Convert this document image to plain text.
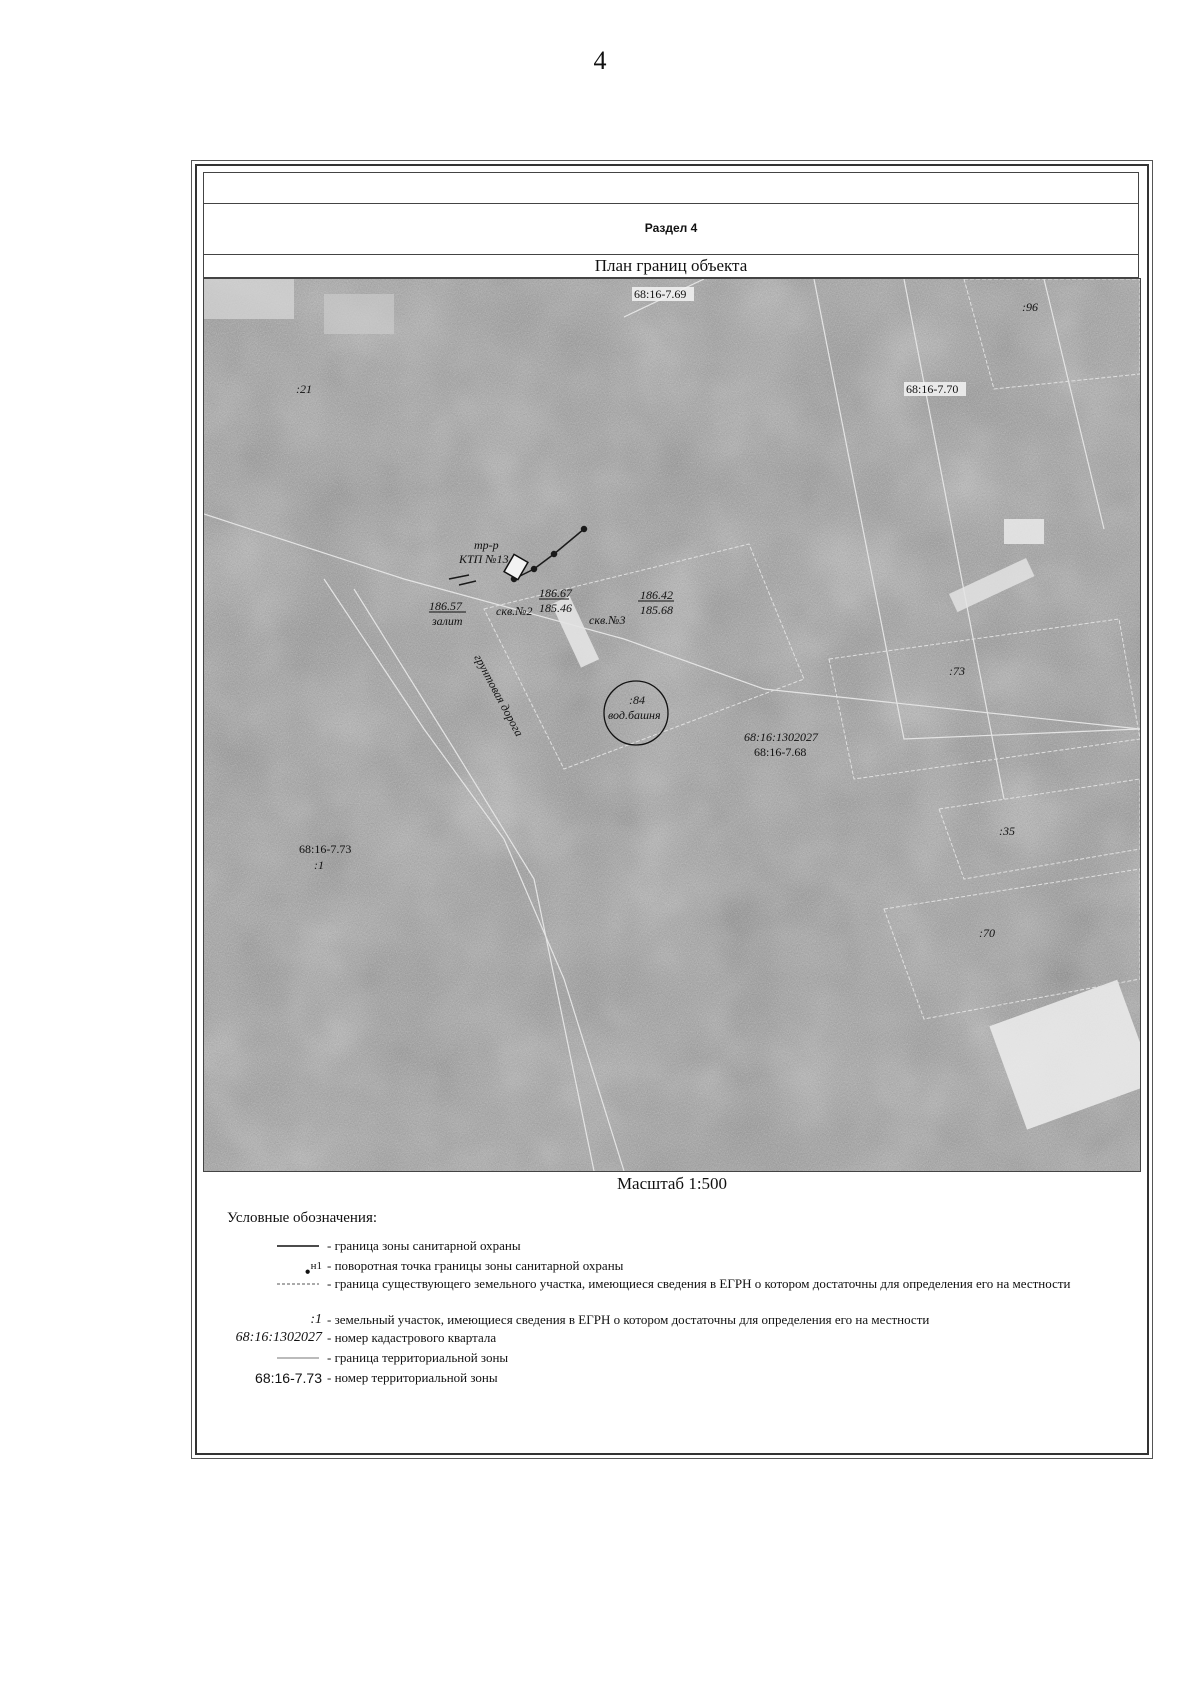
4
Раздел 4
План границ объекта
68:16-7.69
68:16-7.70
:96
:21
тр-р
КТП №13
186.57
залит
186.67
185.46
скв.№2
186.42
185.68
скв.№3
грунтовая дорога	:84
вод.башня
68:16:1302027
68:16-7.68
:73
:35
:70
68:16-7.73
:1
Масштаб 1:500
Условные обозначения:
- граница зоны санитарной охраны
●$^{н1}$ - поворотная точка границы зоны санитарной охраны
- граница существующего земельного участка, имеющиеся сведения в ЕГРН о котором достаточны для определения его на местности
:1 - земельный участок, имеющиеся сведения в ЕГРН о котором достаточны для определения его на местности
68:16:1302027 - номер кадастрового квартала
- граница территориальной зоны
68:16-7.73 - номер территориальной зоны
